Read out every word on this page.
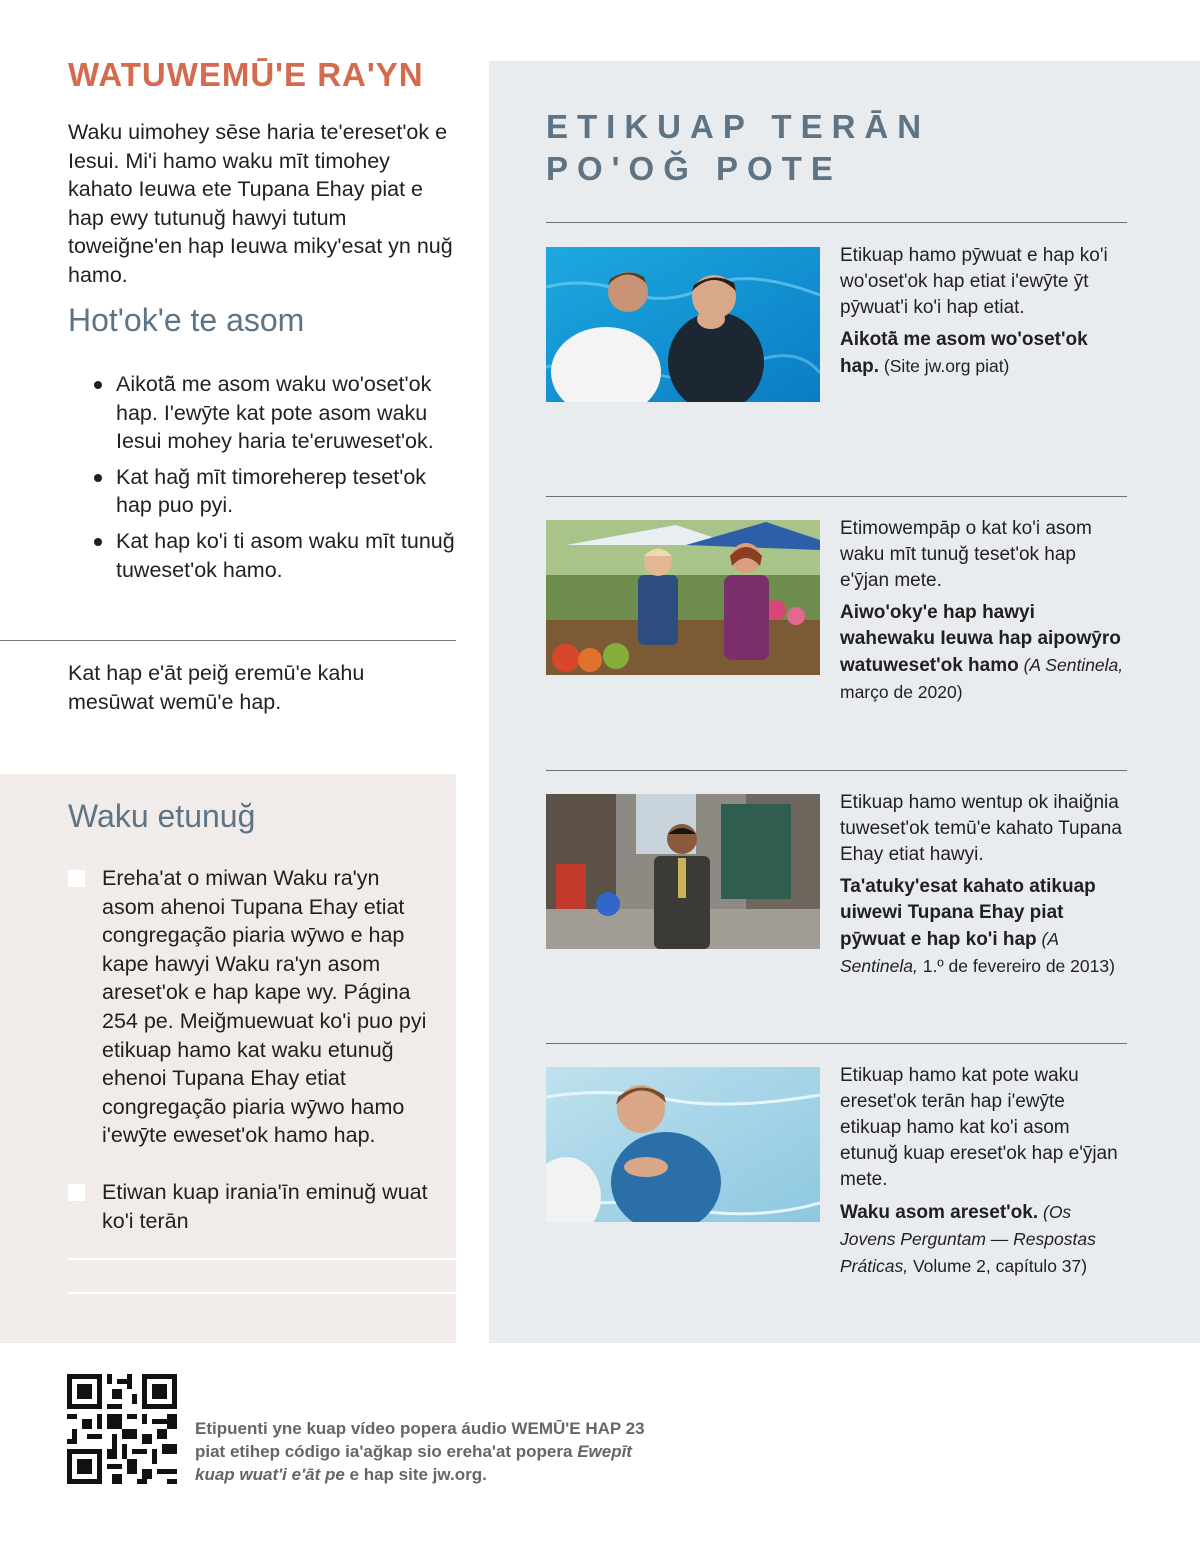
WATUWEMŪ'E RA'YN

Waku uimohey sēse haria te'ereset'ok e Iesui. Mi'i hamo waku mīt timohey kahato Ieuwa ete Tupana Ehay piat e hap ewy tutunuğ hawyi tutum toweiğne'en hap Ieuwa miky'esat yn nuğ hamo.

Hot'ok'e te asom
Aikotā̃ me asom waku wo'oset'ok hap. I'ewȳte kat pote asom waku Iesui mohey haria te'eruweset'ok.
Kat hağ mīt timoreherep teset'ok hap puo pyi.
Kat hap ko'i ti asom waku mīt tunuğ tuweset'ok hamo.

Kat hap e'āt peiğ eremū'e kahu mesūwat wemū'e hap.

Waku etunuğ
Ereha'at o miwan Waku ra'yn asom ahenoi Tupana Ehay etiat congregação piaria wȳwo e hap kape hawyi Waku ra'yn asom areset'ok e hap kape wy. Página 254 pe. Meiğmuewuat ko'i puo pyi etikuap hamo kat waku etunuğ ehenoi Tupana Ehay etiat congregação piaria wȳwo hamo i'ewȳte eweset'ok hamo hap.
Etiwan kuap irania'īn eminuğ wuat ko'i terān
ETIKUAP TERĀN
PO'OĞ POTE

Etikuap hamo pȳwuat e hap ko'i wo'oset'ok hap etiat i'ewȳte ȳt pȳwuat'i ko'i hap etiat.
Aikotā̃ me asom wo'oset'ok hap. (Site jw.org piat)

Etimowempāp o kat ko'i asom waku mīt tunuğ teset'ok hap e'ȳjan mete.
Aiwo'oky'e hap hawyi wahewaku Ieuwa hap aipowȳro watuweset'ok hamo (A Sentinela, março de 2020)

Etikuap hamo wentup ok ihaiğnia tuweset'ok temū'e kahato Tupana Ehay etiat hawyi.
Ta'atuky'esat kahato atikuap uiwewi Tupana Ehay piat pȳwuat e hap ko'i hap (A Sentinela, 1.º de fevereiro de 2013)

Etikuap hamo kat pote waku ereset'ok terān hap i'ewȳte etikuap hamo kat ko'i asom etunuğ kuap ereset'ok hap e'ȳjan mete.
Waku asom areset'ok. (Os Jovens Perguntam — Respostas Práticas, Volume 2, capítulo 37)

Etipuenti yne kuap vídeo popera áudio WEMŪ'E HAP 23 piat etihep código ia'ağkap sio ereha'at popera Ewepīt kuap wuat'i e'āt pe e hap site jw.org.
